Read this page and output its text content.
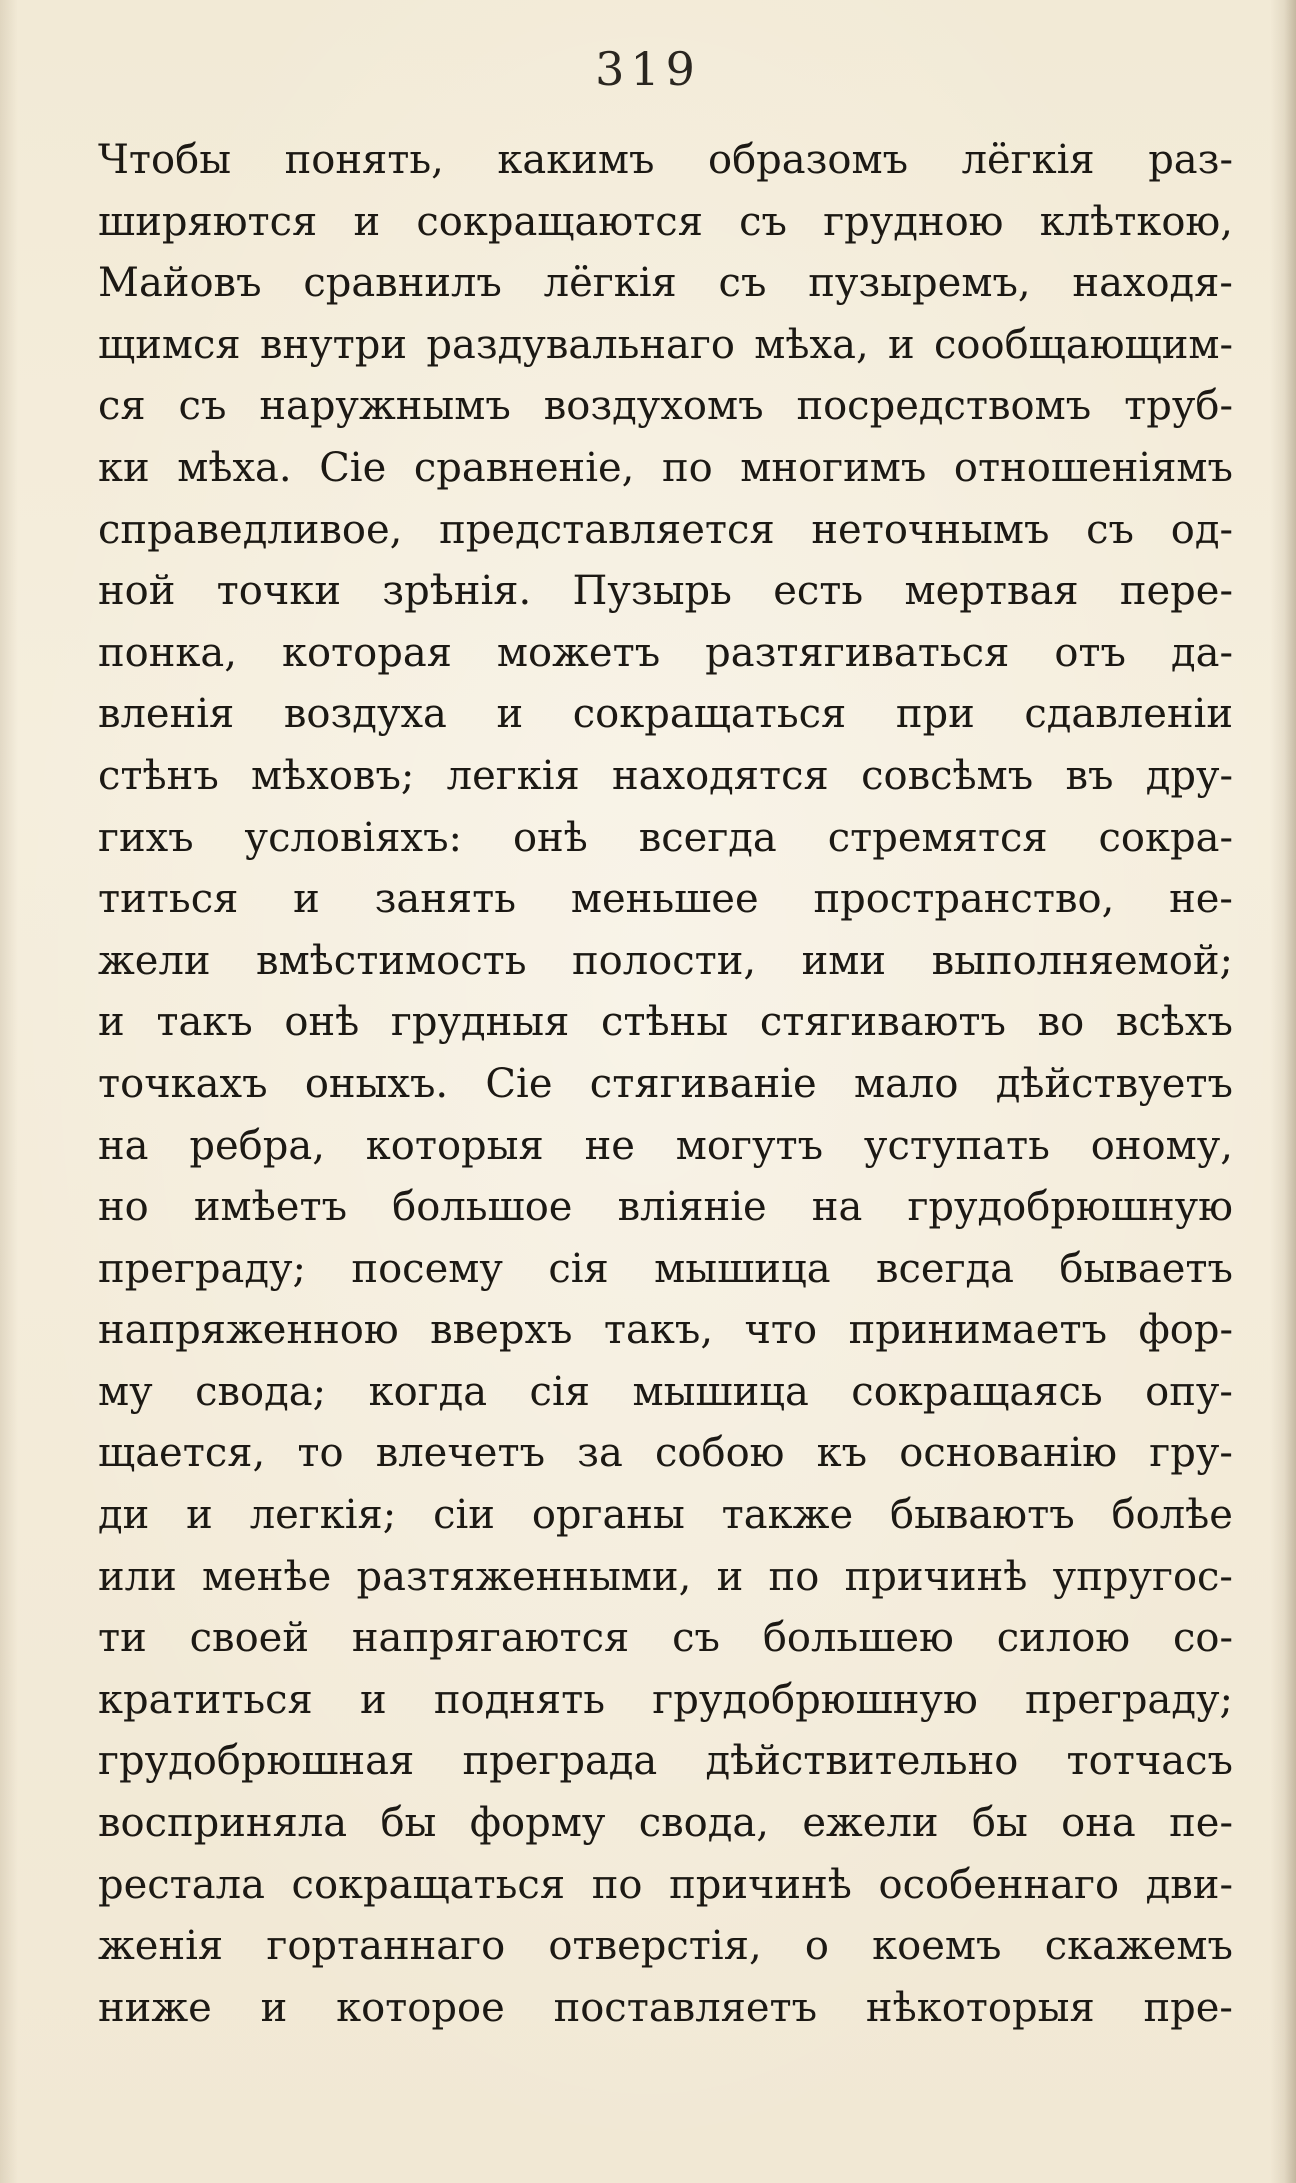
319
Чтобы понять, какимъ образомъ лёгкія раз-
ширяются и сокращаются съ грудною клѣткою,
Майовъ сравнилъ лёгкія съ пузыремъ, находя-
щимся внутри раздувальнаго мѣха, и сообщающим-
ся съ наружнымъ воздухомъ посредствомъ труб-
ки мѣха. Сіе сравненіе, по многимъ отношеніямъ
справедливое, представляется неточнымъ съ од-
ной точки зрѣнія. Пузырь есть мертвая пере-
понка, которая можетъ разтягиваться отъ да-
вленія воздуха и сокращаться при сдавленіи
стѣнъ мѣховъ; легкія находятся совсѣмъ въ дру-
гихъ условіяхъ: онѣ всегда стремятся сокра-
титься и занять меньшее пространство, не-
жели вмѣстимость полости, ими выполняемой;
и такъ онѣ грудныя стѣны стягиваютъ во всѣхъ
точкахъ оныхъ. Сіе стягиваніе мало дѣйствуетъ
на ребра, которыя не могутъ уступать оному,
но имѣетъ большое вліяніе на грудобрюшную
преграду; посему сія мышица всегда бываетъ
напряженною вверхъ такъ, что принимаетъ фор-
му свода; когда сія мышица сокращаясь опу-
щается, то влечетъ за собою къ основанію гру-
ди и легкія; сіи органы также бываютъ болѣе
или менѣе разтяженными, и по причинѣ упругос-
ти своей напрягаются съ большею силою со-
кратиться и поднять грудобрюшную преграду;
грудобрюшная преграда дѣйствительно тотчасъ
восприняла бы форму свода, ежели бы она пе-
рестала сокращаться по причинѣ особеннаго дви-
женія гортаннаго отверстія, о коемъ скажемъ
ниже и которое поставляетъ нѣкоторыя пре-
